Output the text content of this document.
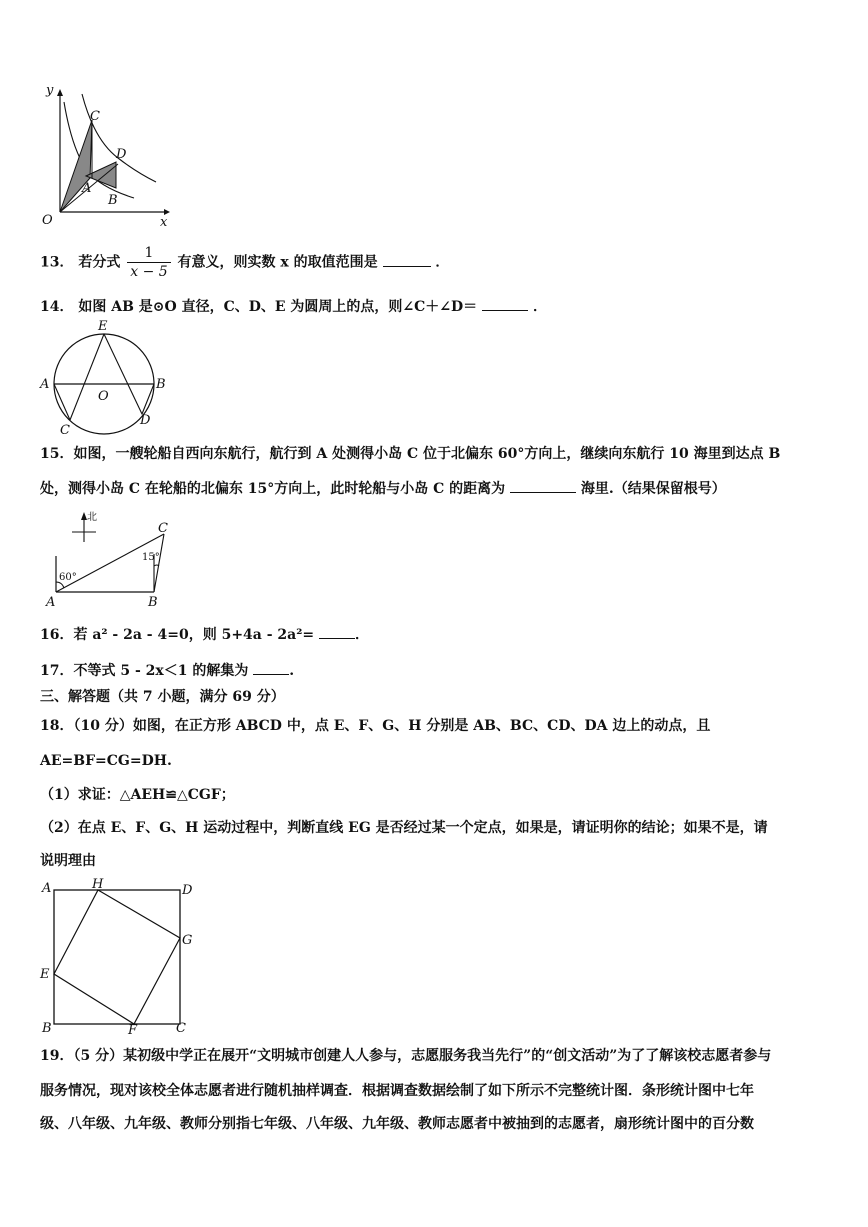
y
x
O
A
B
C
D
13． 若分式 $\frac{1}{x - 5}$ 有意义，则实数 x 的取值范围是	．
14． 如图 AB 是⊙O 直径，C、D、E 为圆周上的点，则∠C＋∠D＝	．
E
A	B
O
C
D
15．如图，一艘轮船自西向东航行，航行到 A 处测得小岛 C 位于北偏东 60°方向上，继续向东航行 10 海里到达点 B
处，测得小岛 C 在轮船的北偏东 15°方向上，此时轮船与小岛 C 的距离为	海里.（结果保留根号）
北
60°
15°
A	B
C
16．若 a² - 2a - 4=0，则 5+4a - 2a²=	．
17．不等式 5 - 2x＜1 的解集为	.
三、解答题（共 7 小题，满分 69 分）
18．（10 分）如图，在正方形 ABCD 中，点 E、F、G、H 分别是 AB、BC、CD、DA 边上的动点，且
AE=BF=CG=DH.
（1）求证：△AEH≌△CGF；
（2）在点 E、F、G、H 运动过程中，判断直线 EG 是否经过某一个定点，如果是，请证明你的结论；如果不是，请
说明理由
A	H	D
G
E
B	F	C
19．（5 分）某初级中学正在展开“文明城市创建人人参与，志愿服务我当先行”的“创文活动”为了了解该校志愿者参与
服务情况，现对该校全体志愿者进行随机抽样调查．根据调查数据绘制了如下所示不完整统计图．条形统计图中七年
级、八年级、九年级、教师分别指七年级、八年级、九年级、教师志愿者中被抽到的志愿者，扇形统计图中的百分数
